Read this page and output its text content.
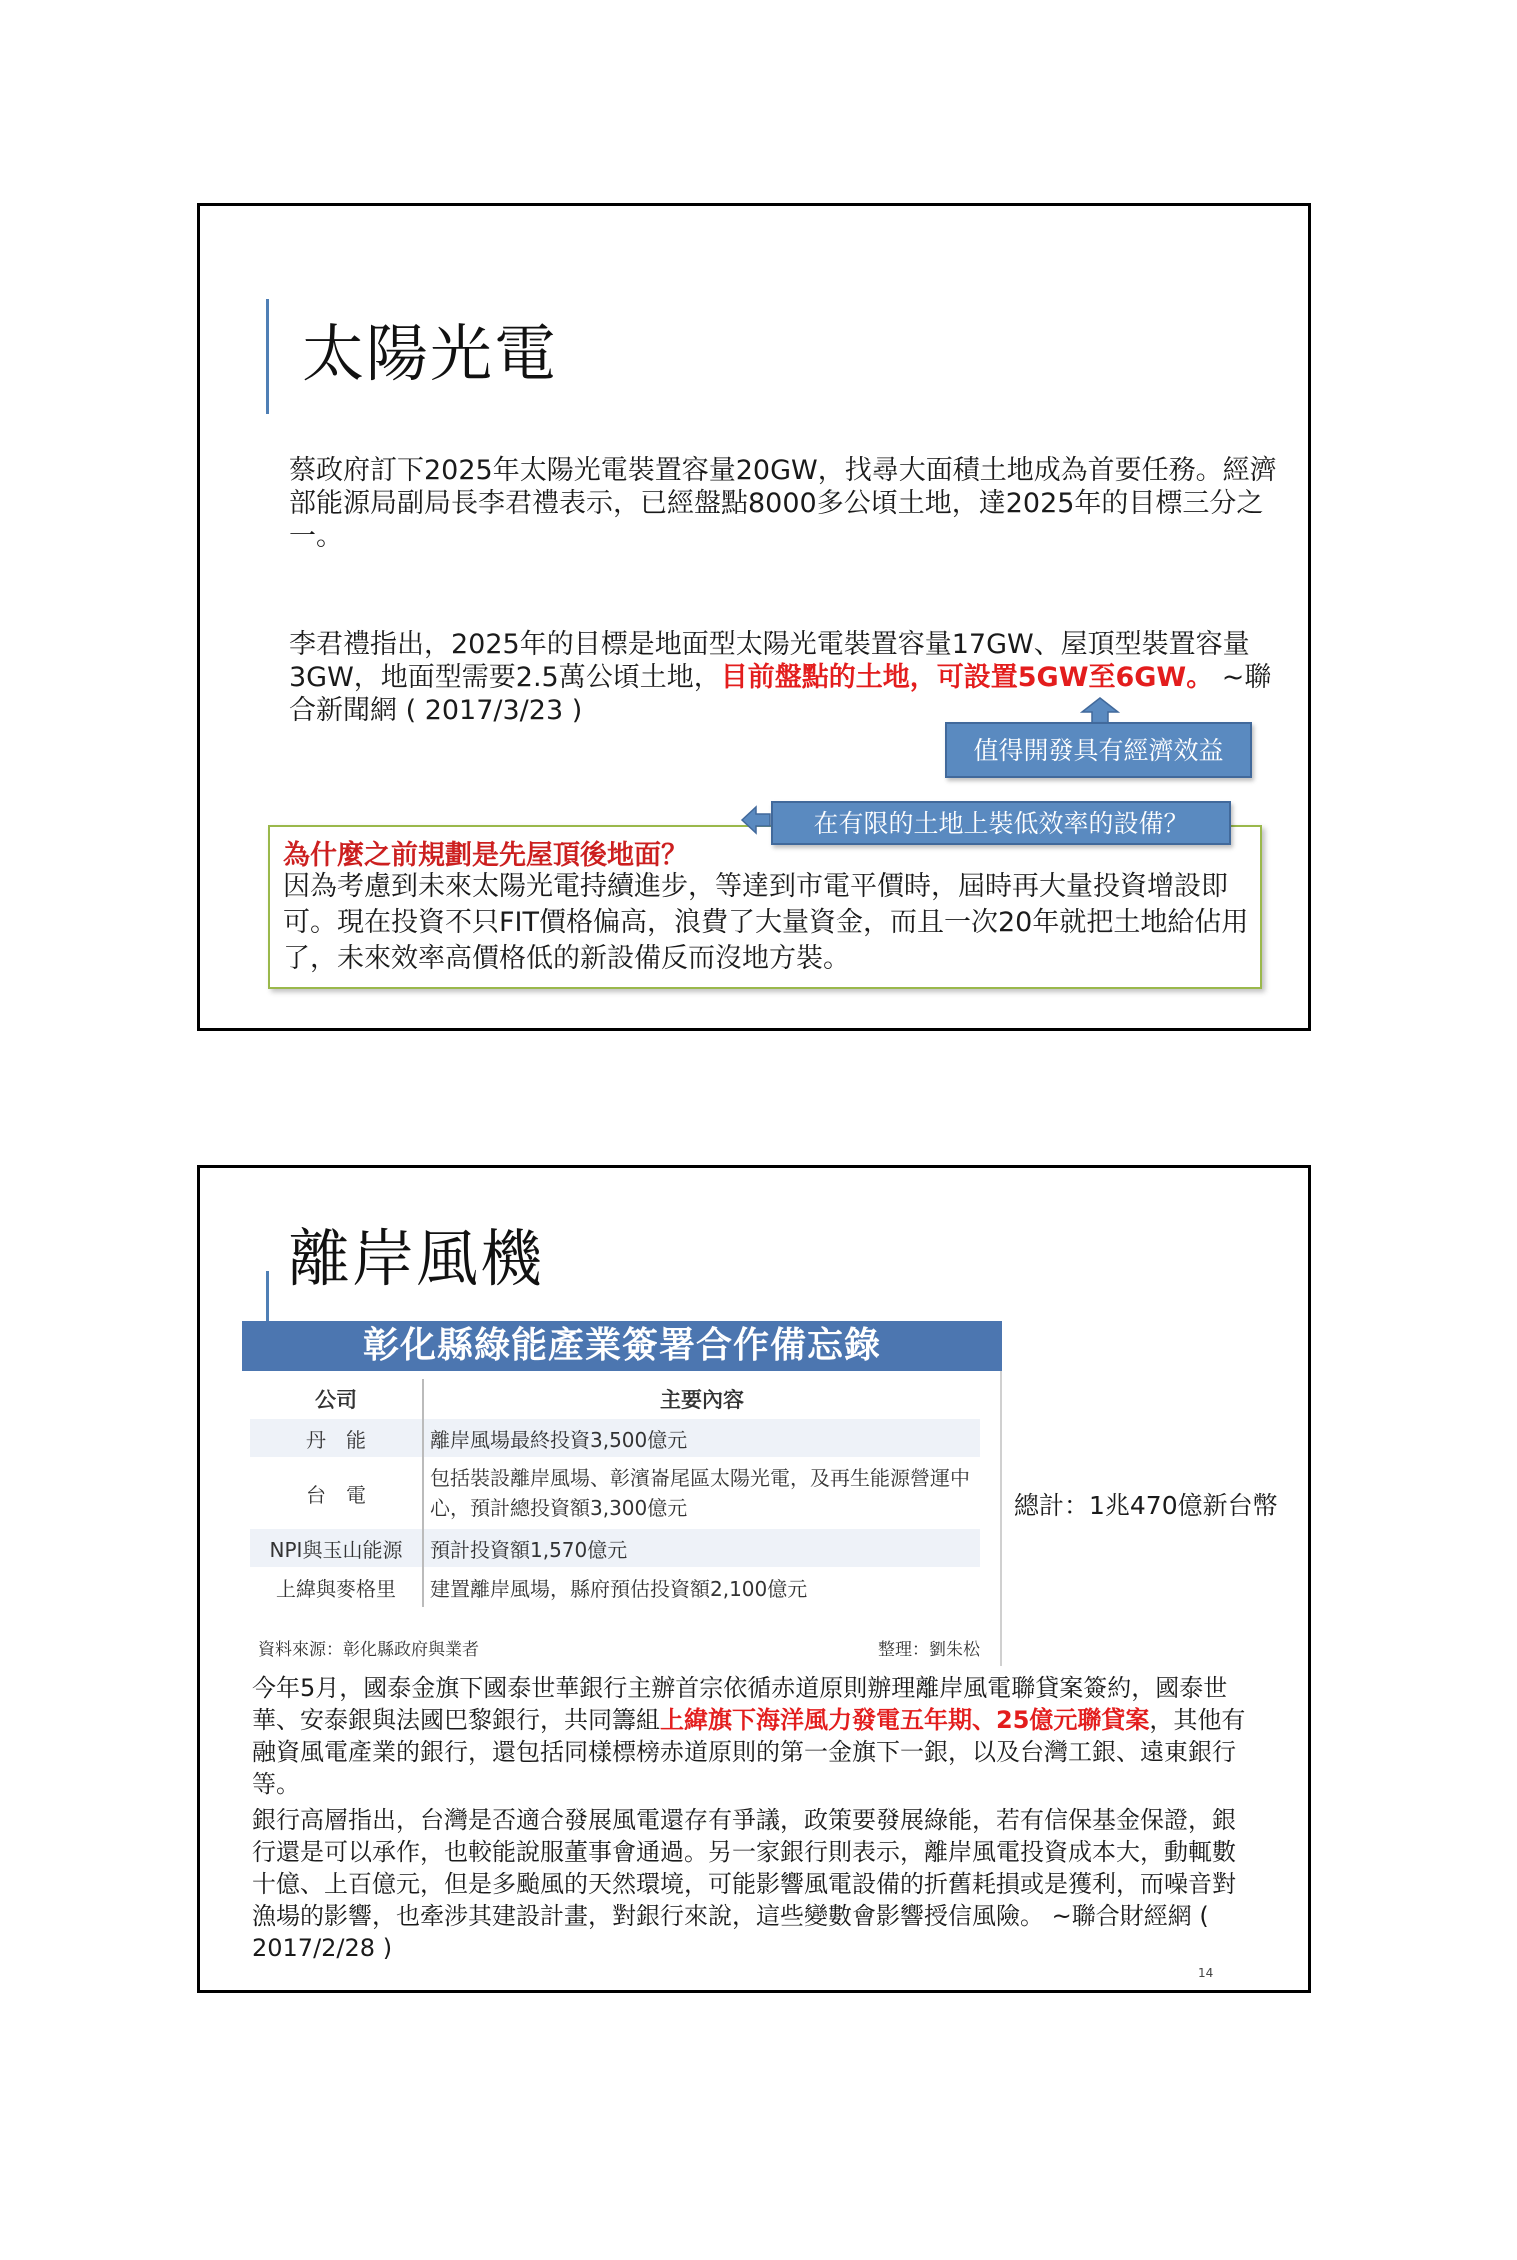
太陽光電

蔡政府訂下2025年太陽光電裝置容量20GW，找尋大面積土地成為首要任務。經濟部能源局副局長李君禮表示，已經盤點8000多公頃土地，達2025年的目標三分之一。

李君禮指出，2025年的目標是地面型太陽光電裝置容量17GW、屋頂型裝置容量3GW，地面型需要2.5萬公頃土地，目前盤點的土地，可設置5GW至6GW。 ~聯合新聞網 ( 2017/3/23 )

值得開發具有經濟效益
為什麼之前規劃是先屋頂後地面？

因為考慮到未來太陽光電持續進步，等達到市電平價時，屆時再大量投資增設即可。現在投資不只FIT價格偏高，浪費了大量資金，而且一次20年就把土地給佔用了，未來效率高價格低的新設備反而沒地方裝。

在有限的土地上裝低效率的設備？
離岸風機
彰化縣綠能產業簽署合作備忘錄
公司	主要內容
丹　能	離岸風場最終投資3,500億元
台　電	包括裝設離岸風場、彰濱崙尾區太陽光電，及再生能源營運中心，預計總投資額3,300億元
NPI與玉山能源	預計投資額1,570億元
上緯與麥格里	建置離岸風場，縣府預估投資額2,100億元
資料來源：彰化縣政府與業者	整理：劉朱松
總計：1兆470億新台幣

今年5月，國泰金旗下國泰世華銀行主辦首宗依循赤道原則辦理離岸風電聯貸案簽約，國泰世華、安泰銀與法國巴黎銀行，共同籌組上緯旗下海洋風力發電五年期、25億元聯貸案，其他有融資風電產業的銀行，還包括同樣標榜赤道原則的第一金旗下一銀，以及台灣工銀、遠東銀行等。

銀行高層指出，台灣是否適合發展風電還存有爭議，政策要發展綠能，若有信保基金保證，銀行還是可以承作，也較能說服董事會通過。另一家銀行則表示，離岸風電投資成本大，動輒數十億、上百億元，但是多颱風的天然環境，可能影響風電設備的折舊耗損或是獲利，而噪音對漁場的影響，也牽涉其建設計畫，對銀行來說，這些變數會影響授信風險。 ~聯合財經網 ( 2017/2/28 )

14
